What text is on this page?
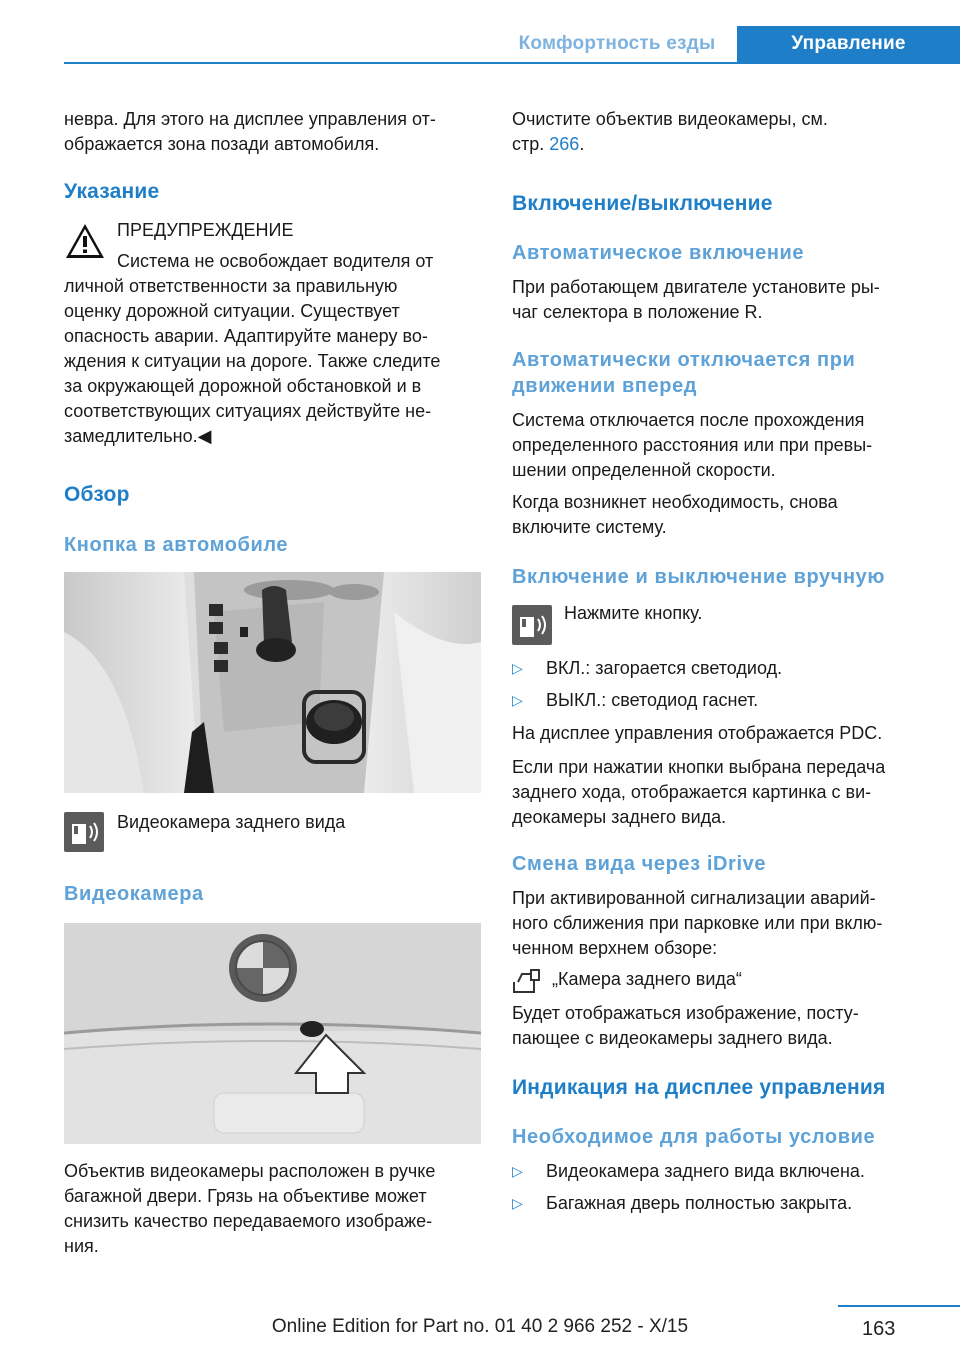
Комфортность езды	Управление

невра. Для этого на дисплее управления от-

ображается зона позади автомобиля.

Указание

ПРЕДУПРЕЖДЕНИЕ

Система не освобождает водителя от

личной ответственности за правильную

оценку дорожной ситуации. Существует

опасность аварии. Адаптируйте манеру во-

ждения к ситуации на дороге. Также следите

за окружающей дорожной обстановкой и в

соответствующих ситуациях действуйте не-

замедлительно.◀

Обзор
Кнопка в автомобиле

Видеокамера заднего вида

Видеокамера

Объектив видеокамеры расположен в ручке

багажной двери. Грязь на объективе может

снизить качество передаваемого изображе-

ния.

Очистите объектив видеокамеры, см.

стр. 266.

Включение/выключение
Автоматическое включение

При работающем двигателе установите ры-

чаг селектора в положение R.

Автоматически отключается при
движении вперед

Система отключается после прохождения

определенного расстояния или при превы-

шении определенной скорости.

Когда возникнет необходимость, снова

включите систему.

Включение и выключение вручную

Нажмите кнопку.

▷ ВКЛ.: загорается светодиод.

▷ ВЫКЛ.: светодиод гаснет.

На дисплее управления отображается PDC.

Если при нажатии кнопки выбрана передача

заднего хода, отображается картинка с ви-

деокамеры заднего вида.

Смена вида через iDrive

При активированной сигнализации аварий-

ного сближения при парковке или при вклю-

ченном верхнем обзоре:

„Камера заднего вида“

Будет отображаться изображение, посту-

пающее с видеокамеры заднего вида.

Индикация на дисплее управления
Необходимое для работы условие
▷ Видеокамера заднего вида включена.

▷ Багажная дверь полностью закрыта.

163
Online Edition for Part no. 01 40 2 966 252 - X/15
